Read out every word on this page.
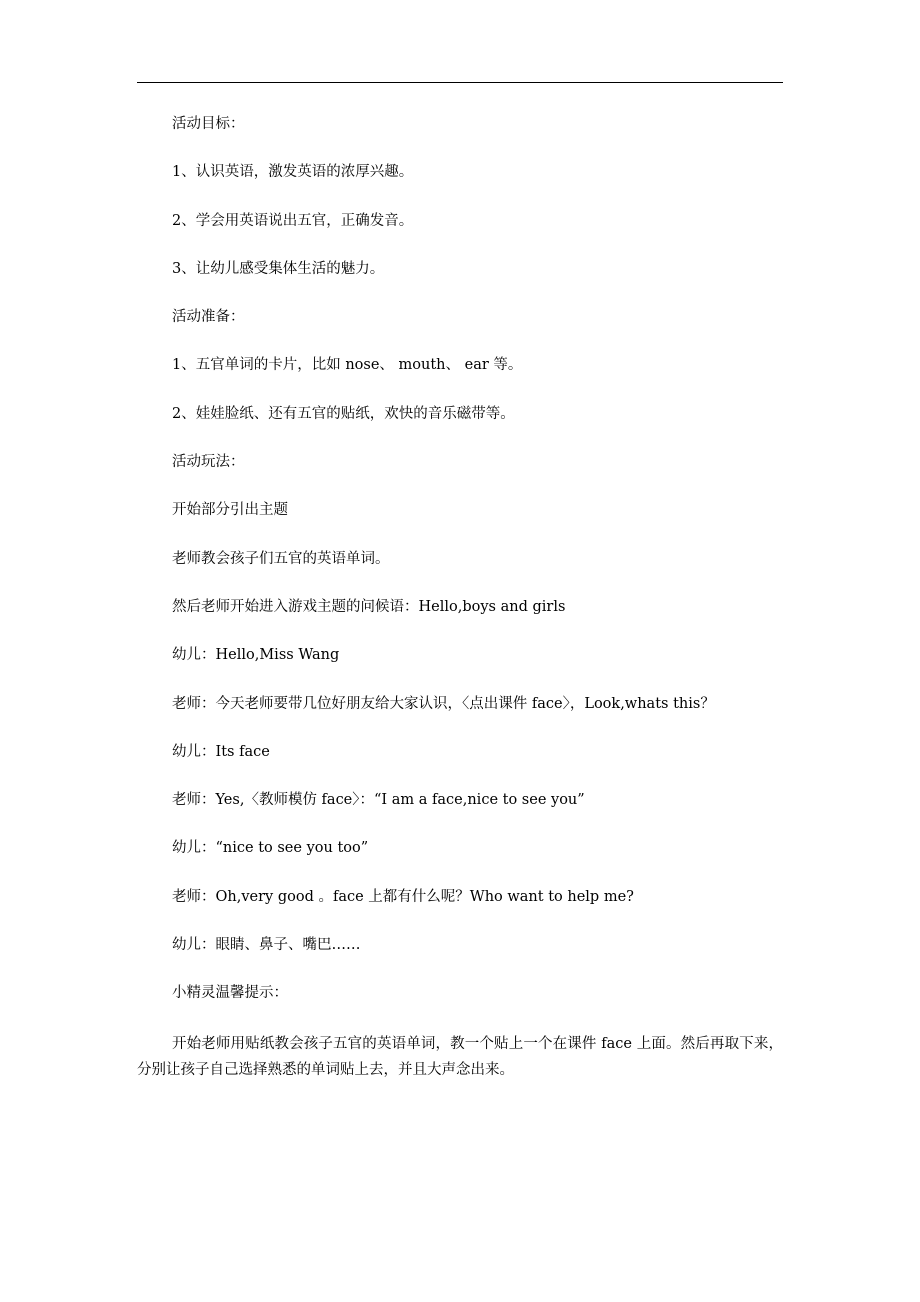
活动目标：

1、认识英语，激发英语的浓厚兴趣。

2、学会用英语说出五官，正确发音。

3、让幼儿感受集体生活的魅力。

活动准备：

1、五官单词的卡片，比如 nose、 mouth、 ear 等。

2、娃娃脸纸、还有五官的贴纸，欢快的音乐磁带等。

活动玩法：

开始部分引出主题

老师教会孩子们五官的英语单词。

然后老师开始进入游戏主题的问候语：Hello,boys and girls

幼儿：Hello,Miss Wang

老师：今天老师要带几位好朋友给大家认识，〈点出课件 face〉，Look,whats this？

幼儿：Its face

老师：Yes,〈教师模仿 face〉：“I am a face,nice to see you”

幼儿：“nice to see you too”

老师：Oh,very good 。face 上都有什么呢？Who want to help me?

幼儿：眼睛、鼻子、嘴巴……

小精灵温馨提示：

开始老师用贴纸教会孩子五官的英语单词，教一个贴上一个在课件 face 上面。然后再取下来，分别让孩子自己选择熟悉的单词贴上去，并且大声念出来。
